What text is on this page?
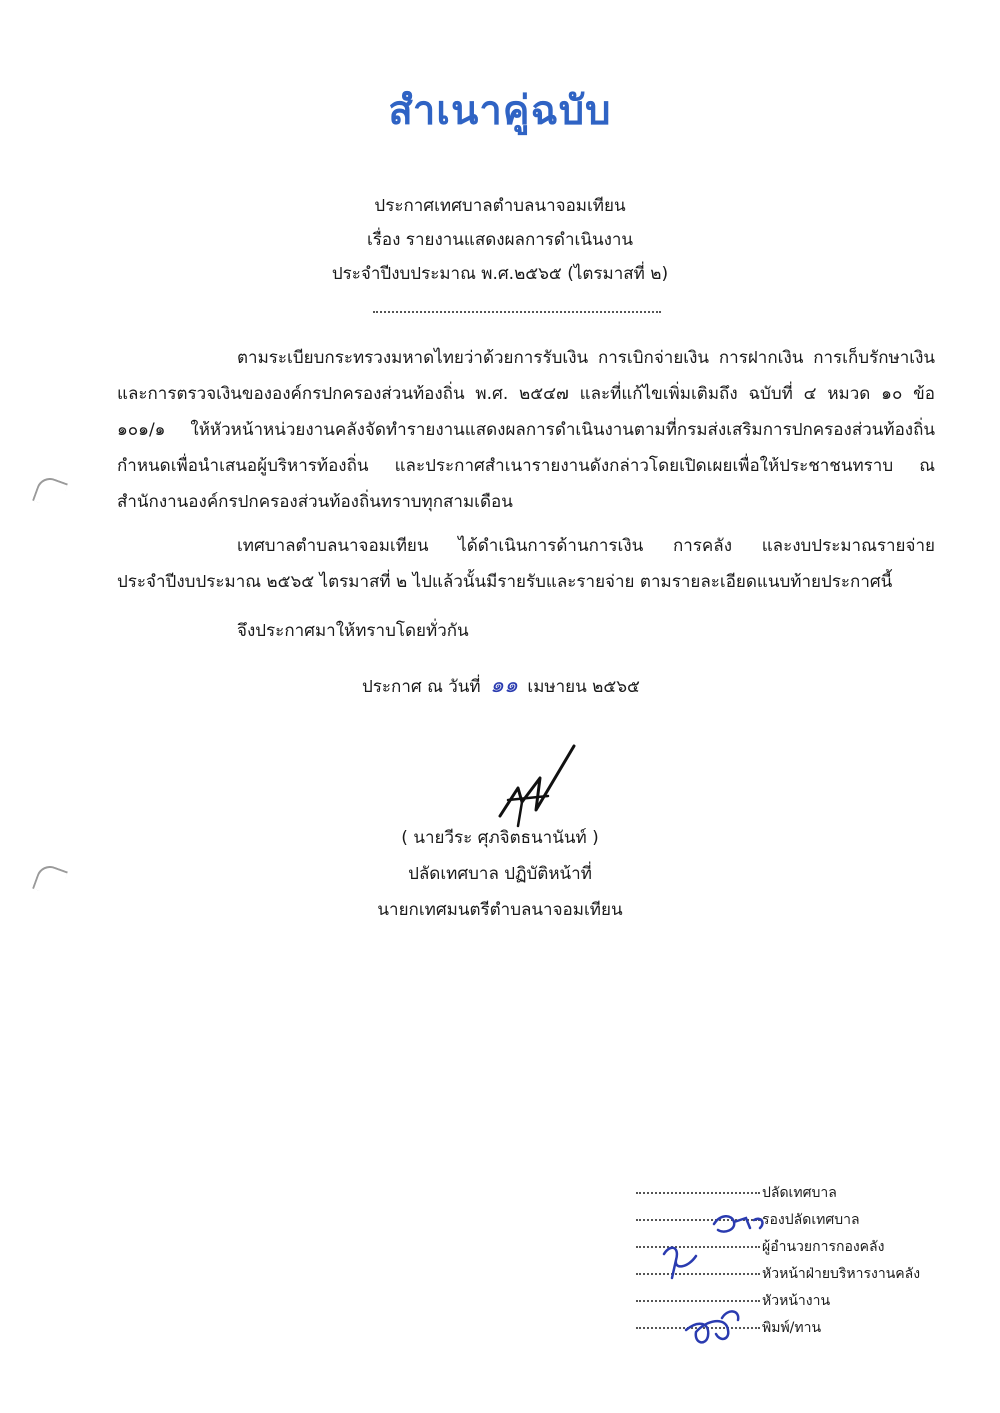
สำเนาคู่ฉบับ
ประกาศเทศบาลตำบลนาจอมเทียน
เรื่อง รายงานแสดงผลการดำเนินงาน
ประจำปีงบประมาณ พ.ศ.๒๕๖๕ (ไตรมาสที่ ๒)
ตามระเบียบกระทรวงมหาดไทยว่าด้วยการรับเงิน การเบิกจ่ายเงิน การฝากเงิน การเก็บรักษาเงิน
และการตรวจเงินขององค์กรปกครองส่วนท้องถิ่น พ.ศ. ๒๕๔๗ และที่แก้ไขเพิ่มเติมถึง ฉบับที่ ๔ หมวด ๑๐ ข้อ
๑๐๑/๑ ให้หัวหน้าหน่วยงานคลังจัดทำรายงานแสดงผลการดำเนินงานตามที่กรมส่งเสริมการปกครองส่วนท้องถิ่น
กำหนดเพื่อนำเสนอผู้บริหารท้องถิ่น และประกาศสำเนารายงานดังกล่าวโดยเปิดเผยเพื่อให้ประชาชนทราบ ณ
สำนักงานองค์กรปกครองส่วนท้องถิ่นทราบทุกสามเดือน
เทศบาลตำบลนาจอมเทียน ได้ดำเนินการด้านการเงิน การคลัง และงบประมาณรายจ่าย
ประจำปีงบประมาณ ๒๕๖๕ ไตรมาสที่ ๒ ไปแล้วนั้นมีรายรับและรายจ่าย ตามรายละเอียดแนบท้ายประกาศนี้
จึงประกาศมาให้ทราบโดยทั่วกัน
ประกาศ ณ วันที่ ๑๑ เมษายน ๒๕๖๕
( นายวีระ ศุภจิตธนานันท์ )
ปลัดเทศบาล ปฏิบัติหน้าที่
นายกเทศมนตรีตำบลนาจอมเทียน
ปลัดเทศบาล
รองปลัดเทศบาล
ผู้อำนวยการกองคลัง
หัวหน้าฝ่ายบริหารงานคลัง
หัวหน้างาน
พิมพ์/ทาน
